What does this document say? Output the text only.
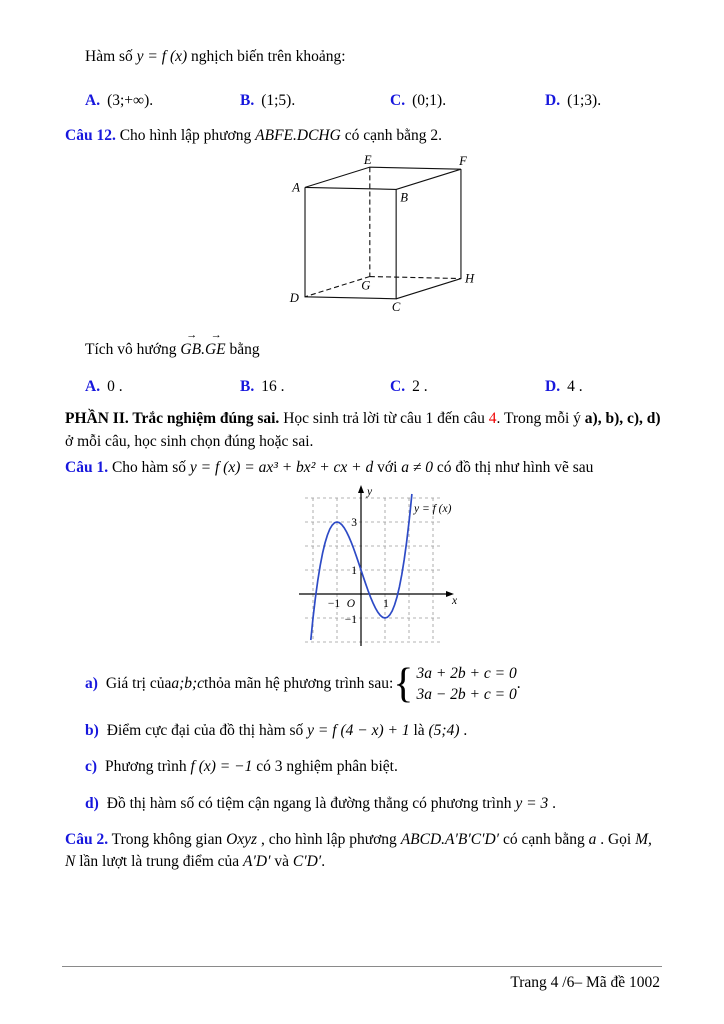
Hàm số y = f (x) nghịch biến trên khoảng:
A. (3;+∞).	B. (1;5).	C. (0;1).	D. (1;3).
Câu 12. Cho hình lập phương ABFE.DCHG có cạnh bằng 2.
A
B
E	F
G
H
D
C
Tích vô hướng
→
GB.
→
GE bằng
A. 0 .	B. 16 .	C. 2 .	D. 4 .
PHẦN II. Trắc nghiệm đúng sai. Học sinh trả lời từ câu 1 đến câu 4. Trong mỗi ý a), b), c), d) ở mỗi câu, học sinh chọn đúng hoặc sai.
Câu 1. Cho hàm số y = f (x) = ax³ + bx² + cx + d với a ≠ 0 có đồ thị như hình vẽ sau
3
1
−1
1
−1 O
y
x
y = f (x)
a) Giá trị của a;b;c thỏa mãn hệ phương trình sau: { 3a + 2b + c = 0
3a − 2b + c = 0
.
b) Điểm cực đại của đồ thị hàm số y = f (4 − x) + 1 là (5;4) .
c) Phương trình f (x) = −1 có 3 nghiệm phân biệt.
d) Đồ thị hàm số có tiệm cận ngang là đường thẳng có phương trình y = 3 .
Câu 2. Trong không gian Oxyz , cho hình lập phương ABCD.A′B′C′D′ có cạnh bằng a . Gọi M, N lần lượt là trung điểm của A′D′ và C′D′.
Trang 4 /6– Mã đề 1002
